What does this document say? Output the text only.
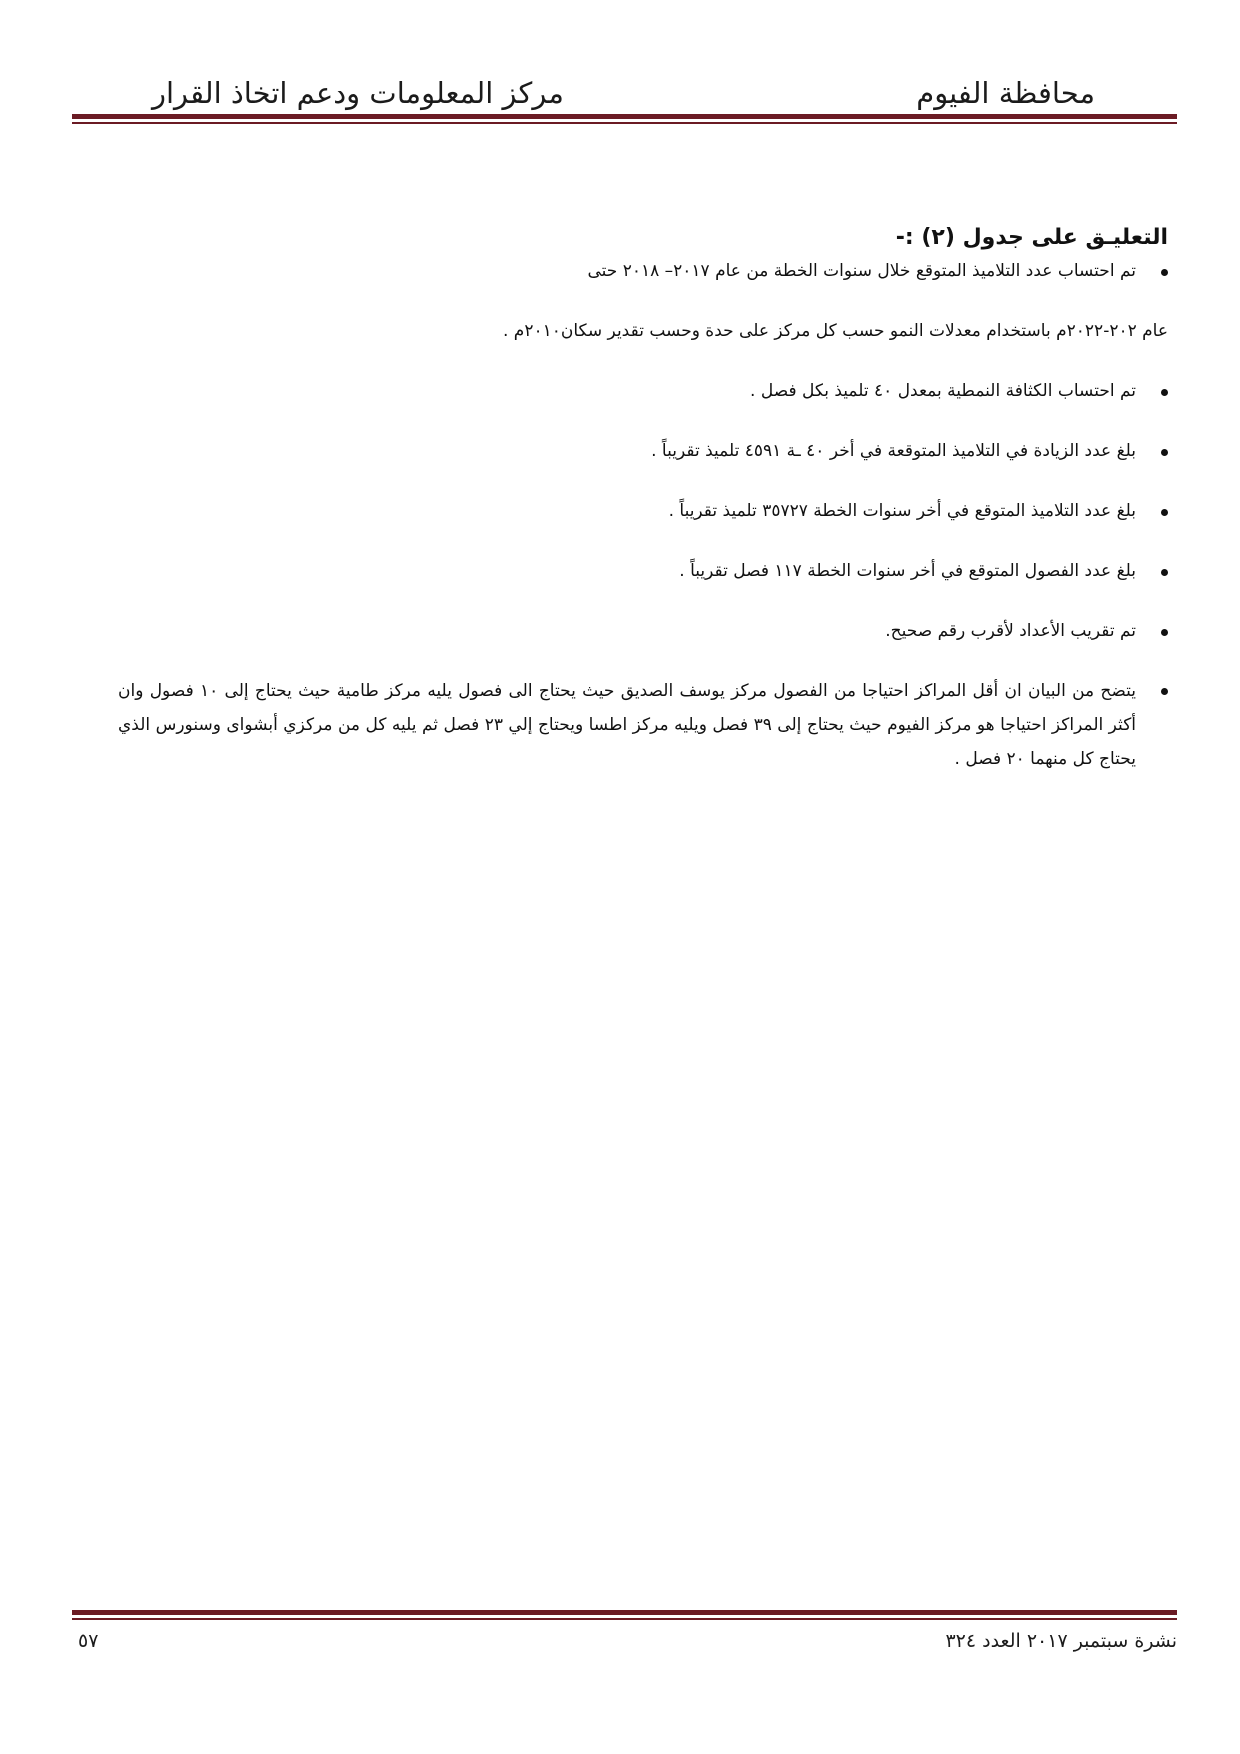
محافظة الفيوم
مركز المعلومات ودعم اتخاذ القرار
التعليـق على جدول (٢) :-
تم احتساب عدد التلاميذ المتوقع خلال سنوات الخطة من عام ٢٠١٧– ٢٠١٨ حتى
عام ٢٠٢-٢٠٢٢م باستخدام معدلات النمو حسب كل مركز على حدة وحسب تقدير سكان٢٠١٠م .
تم احتساب الكثافة النمطية بمعدل ٤٠ تلميذ بكل فصل .
بلغ عدد الزيادة في التلاميذ المتوقعة في أخر ٤٠ ـة ٤٥٩١ تلميذ تقريباً .
بلغ عدد التلاميذ المتوقع في أخر سنوات الخطة ٣٥٧٢٧ تلميذ تقريباً .
بلغ عدد الفصول المتوقع في أخر سنوات الخطة ١١٧ فصل تقريباً .
تم تقريب الأعداد لأقرب رقم صحيح.
يتضح من البيان ان أقل المراكز احتياجا من الفصول مركز يوسف الصديق حيث يحتاج الى فصول يليه مركز طامية حيث يحتاج إلى ١٠ فصول وان أكثر المراكز احتياجا هو مركز الفيوم حيث يحتاج إلى ٣٩ فصل ويليه مركز اطسا ويحتاج إلي ٢٣ فصل ثم يليه كل من مركزي أبشواى وسنورس الذي يحتاج كل منهما ٢٠ فصل .
نشرة سبتمبر ٢٠١٧ العدد ٣٢٤
٥٧
